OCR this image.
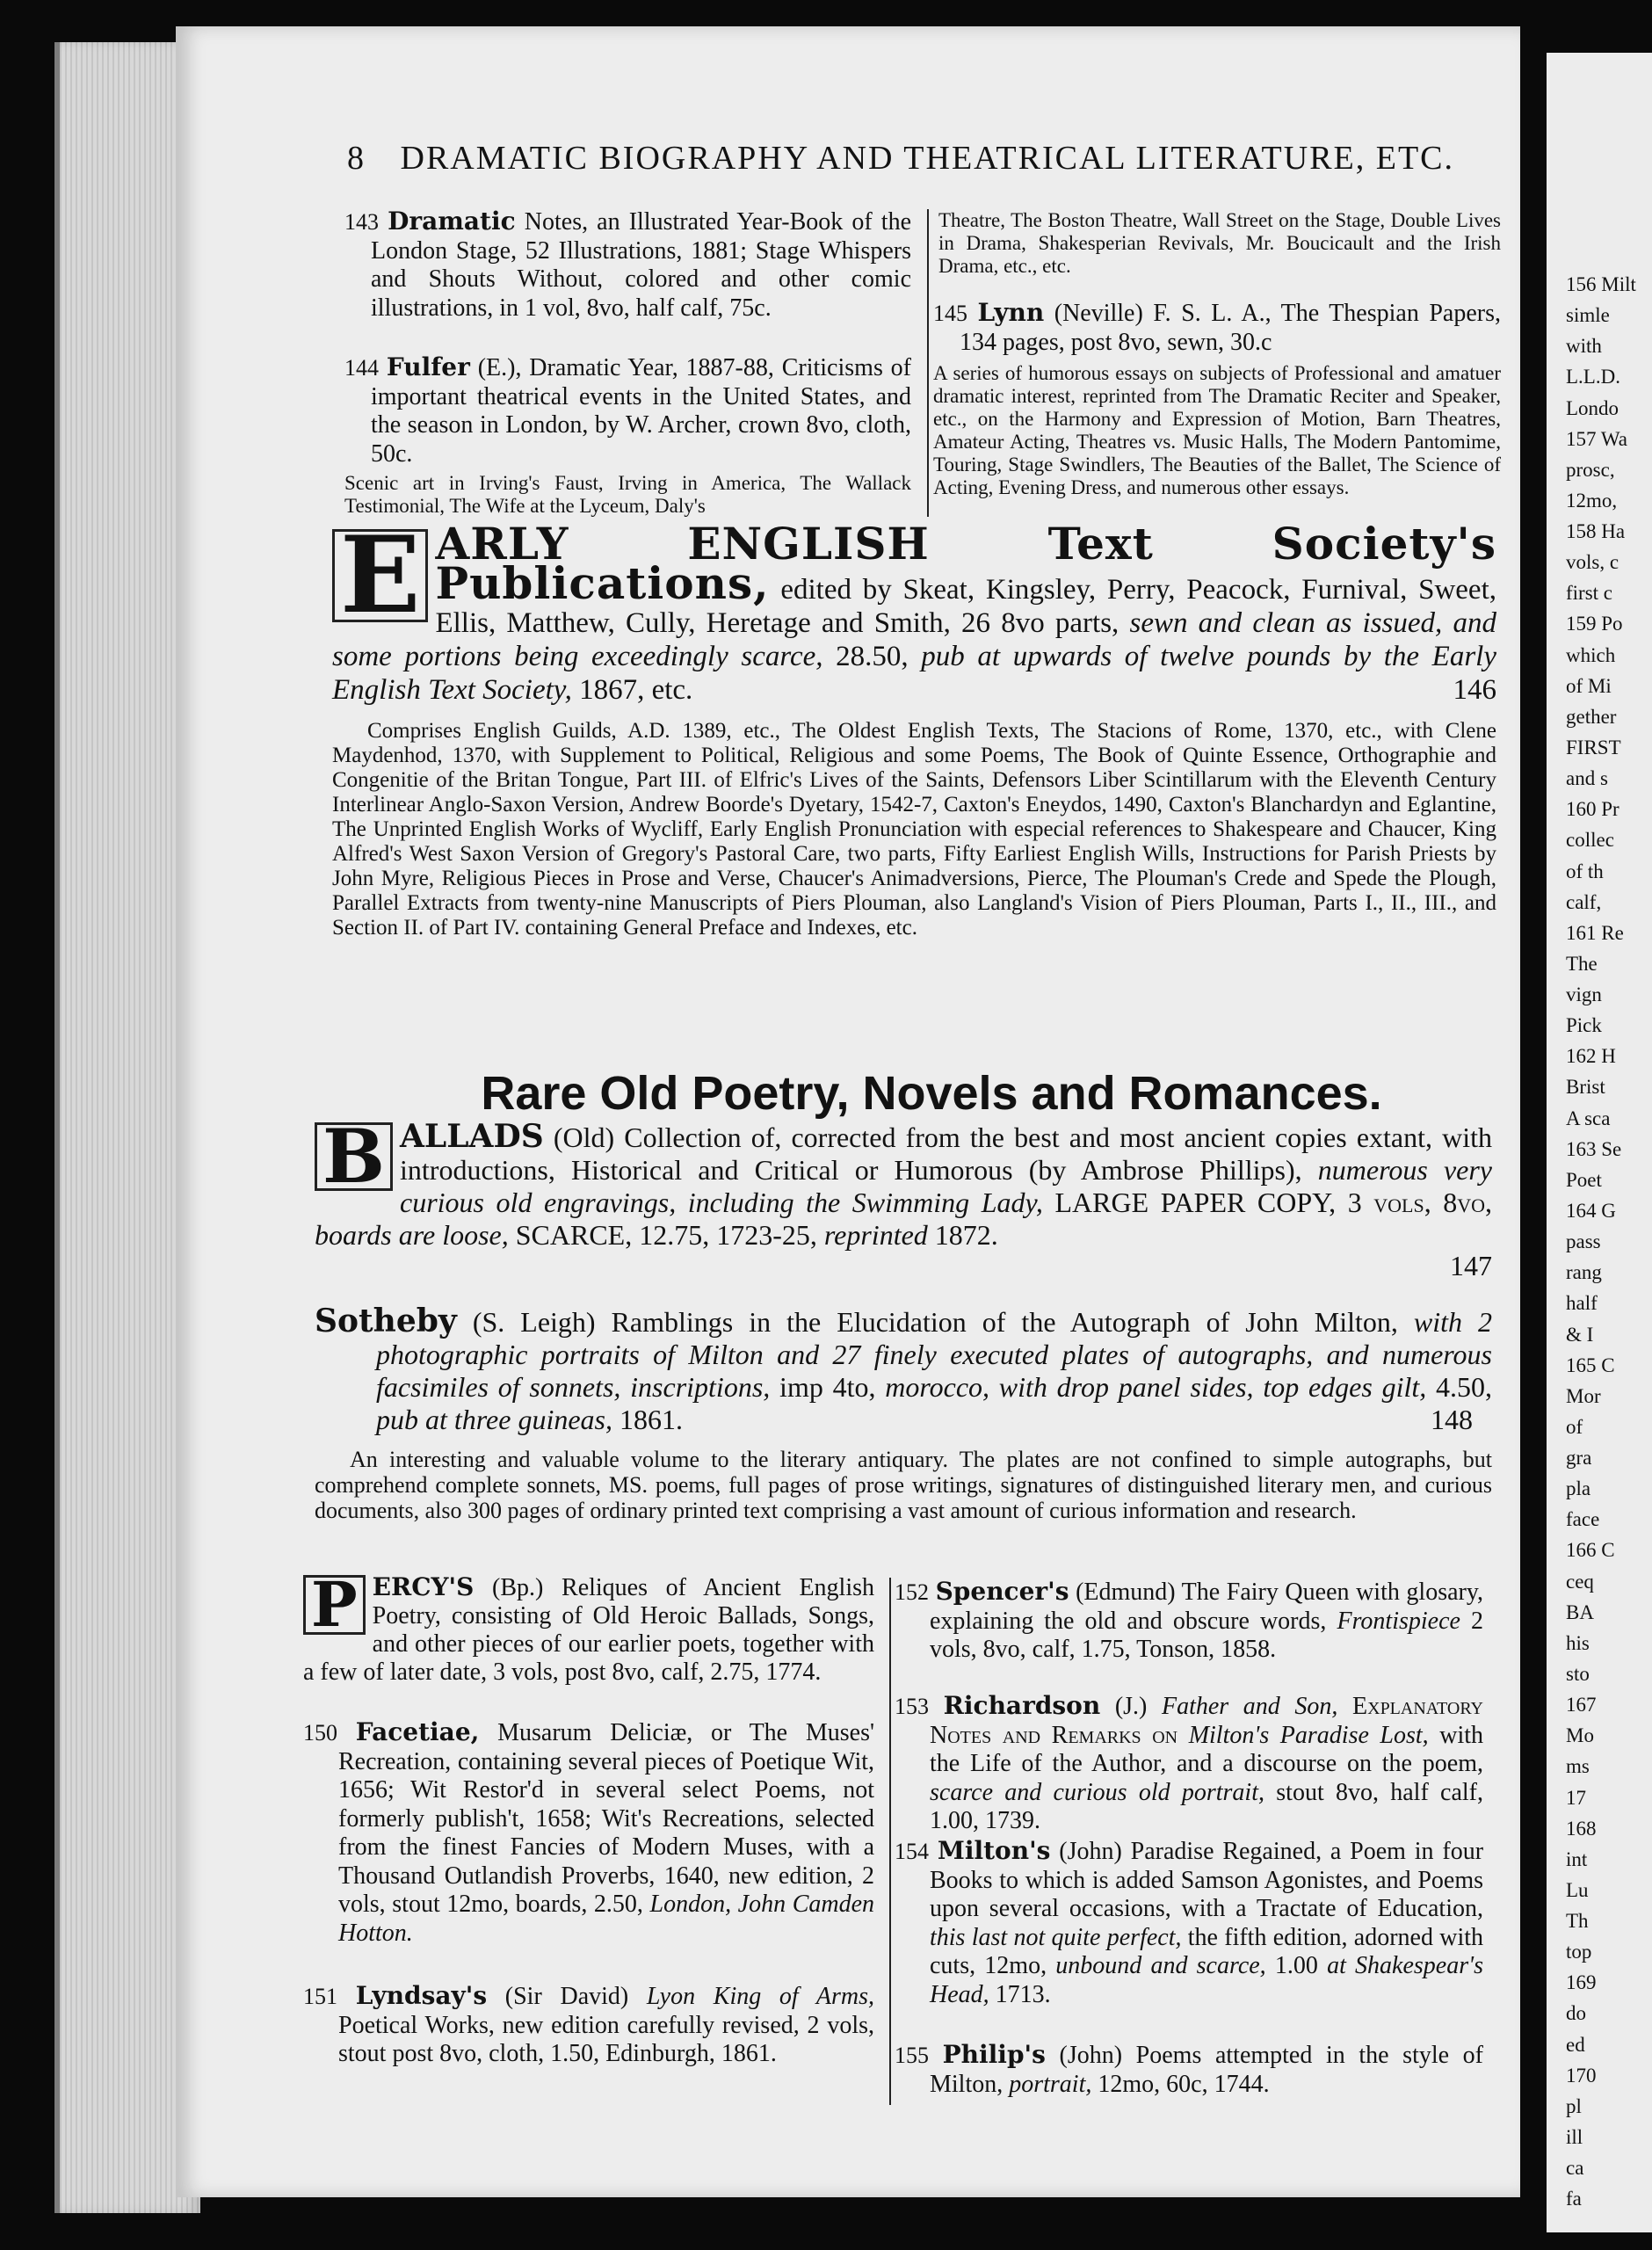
8 DRAMATIC BIOGRAPHY AND THEATRICAL LITERATURE, ETC.

143 Dramatic Notes, an Illustrated Year-Book of the London Stage, 52 Illustrations, 1881; Stage Whispers and Shouts Without, colored and other comic illustrations, in 1 vol, 8vo, half calf, 75c.

144 Fulfer (E.), Dramatic Year, 1887-88, Criticisms of important theatrical events in the United States, and the season in London, by W. Archer, crown 8vo, cloth, 50c.

Scenic art in Irving's Faust, Irving in America, The Wallack Testimonial, The Wife at the Lyceum, Daly's

Theatre, The Boston Theatre, Wall Street on the Stage, Double Lives in Drama, Shakesperian Revivals, Mr. Boucicault and the Irish Drama, etc., etc.

145 Lynn (Neville) F. S. L. A., The Thespian Papers, 134 pages, post 8vo, sewn, 30.c

A series of humorous essays on subjects of Professional and amatuer dramatic interest, reprinted from The Dramatic Reciter and Speaker, etc., on the Harmony and Expression of Motion, Barn Theatres, Amateur Acting, Theatres vs. Music Halls, The Modern Pantomime, Touring, Stage Swindlers, The Beauties of the Ballet, The Science of Acting, Evening Dress, and numerous other essays.

E ARLY ENGLISH Text Society's Publications, edited by Skeat, Kingsley, Perry, Peacock, Furnival, Sweet, Ellis, Matthew, Cully, Heretage and Smith, 26 8vo parts, sewn and clean as issued, and some portions being exceedingly scarce, 28.50, pub at upwards of twelve pounds by the Early English Text Society, 1867, etc.	146

Comprises English Guilds, A.D. 1389, etc., The Oldest English Texts, The Stacions of Rome, 1370, etc., with Clene Maydenhod, 1370, with Supplement to Political, Religious and some Poems, The Book of Quinte Essence, Orthographie and Congenitie of the Britan Tongue, Part III. of Elfric's Lives of the Saints, Defensors Liber Scintillarum with the Eleventh Century Interlinear Anglo-Saxon Version, Andrew Boorde's Dyetary, 1542-7, Caxton's Eneydos, 1490, Caxton's Blanchardyn and Eglantine, The Unprinted English Works of Wycliff, Early English Pronunciation with especial references to Shakespeare and Chaucer, King Alfred's West Saxon Version of Gregory's Pastoral Care, two parts, Fifty Earliest English Wills, Instructions for Parish Priests by John Myre, Religious Pieces in Prose and Verse, Chaucer's Animadversions, Pierce, The Plouman's Crede and Spede the Plough, Parallel Extracts from twenty-nine Manuscripts of Piers Plouman, also Langland's Vision of Piers Plouman, Parts I., II., III., and Section II. of Part IV. containing General Preface and Indexes, etc.

Rare Old Poetry, Novels and Romances.
B ALLADS (Old) Collection of, corrected from the best and most ancient copies extant, with introductions, Historical and Critical or Humorous (by Ambrose Phillips), numerous very curious old engravings, including the Swimming Lady, LARGE PAPER COPY, 3 vols, 8vo, boards are loose, SCARCE, 12.75, 1723-25, reprinted 1872.
147

Sotheby (S. Leigh) Ramblings in the Elucidation of the Autograph of John Milton, with 2 photographic portraits of Milton and 27 finely executed plates of autographs, and numerous facsimiles of sonnets, inscriptions, imp 4to, morocco, with drop panel sides, top edges gilt, 4.50, pub at three guineas, 1861.	148

An interesting and valuable volume to the literary antiquary. The plates are not confined to simple autographs, but comprehend complete sonnets, MS. poems, full pages of prose writings, signatures of distinguished literary men, and curious documents, also 300 pages of ordinary printed text comprising a vast amount of curious information and research.

P ERCY'S (Bp.) Reliques of Ancient English Poetry, consisting of Old Heroic Ballads, Songs, and other pieces of our earlier poets, together with a few of later date, 3 vols, post 8vo, calf, 2.75, 1774.

150 Facetiae, Musarum Deliciæ, or The Muses' Recreation, containing several pieces of Poetique Wit, 1656; Wit Restor'd in several select Poems, not formerly publish't, 1658; Wit's Recreations, selected from the finest Fancies of Modern Muses, with a Thousand Outlandish Proverbs, 1640, new edition, 2 vols, stout 12mo, boards, 2.50, London, John Camden Hotton.

151 Lyndsay's (Sir David) Lyon King of Arms, Poetical Works, new edition carefully revised, 2 vols, stout post 8vo, cloth, 1.50, Edinburgh, 1861.

152 Spencer's (Edmund) The Fairy Queen with glosary, explaining the old and obscure words, Frontispiece 2 vols, 8vo, calf, 1.75, Tonson, 1858.

153 Richardson (J.) Father and Son, Explanatory Notes and Remarks on Milton's Paradise Lost, with the Life of the Author, and a discourse on the poem, scarce and curious old portrait, stout 8vo, half calf, 1.00, 1739.

154 Milton's (John) Paradise Regained, a Poem in four Books to which is added Samson Agonistes, and Poems upon several occasions, with a Tractate of Education, this last not quite perfect, the fifth edition, adorned with cuts, 12mo, unbound and scarce, 1.00 at Shakespear's Head, 1713.

155 Philip's (John) Poems attempted in the style of Milton, portrait, 12mo, 60c, 1744.

156 Milt
simle
with
L.L.D.
Londo
157 Wa
prosc,
12mo,
158 Ha
vols, c
first c
159 Po
which
of Mi
gether
FIRST
and s
160 Pr
collec
of th
calf,
161 Re
The
vign
Pick
162 H
Brist
A sca
163 Se
Poet
164 G
pass
rang
half
& I
165 C
Mor
of
gra
pla
face
166 C
ceq
BA
his
sto
167
Mo
ms
17
168
int
Lu
Th
top
169
do
ed
170
pl
ill
ca
fa
